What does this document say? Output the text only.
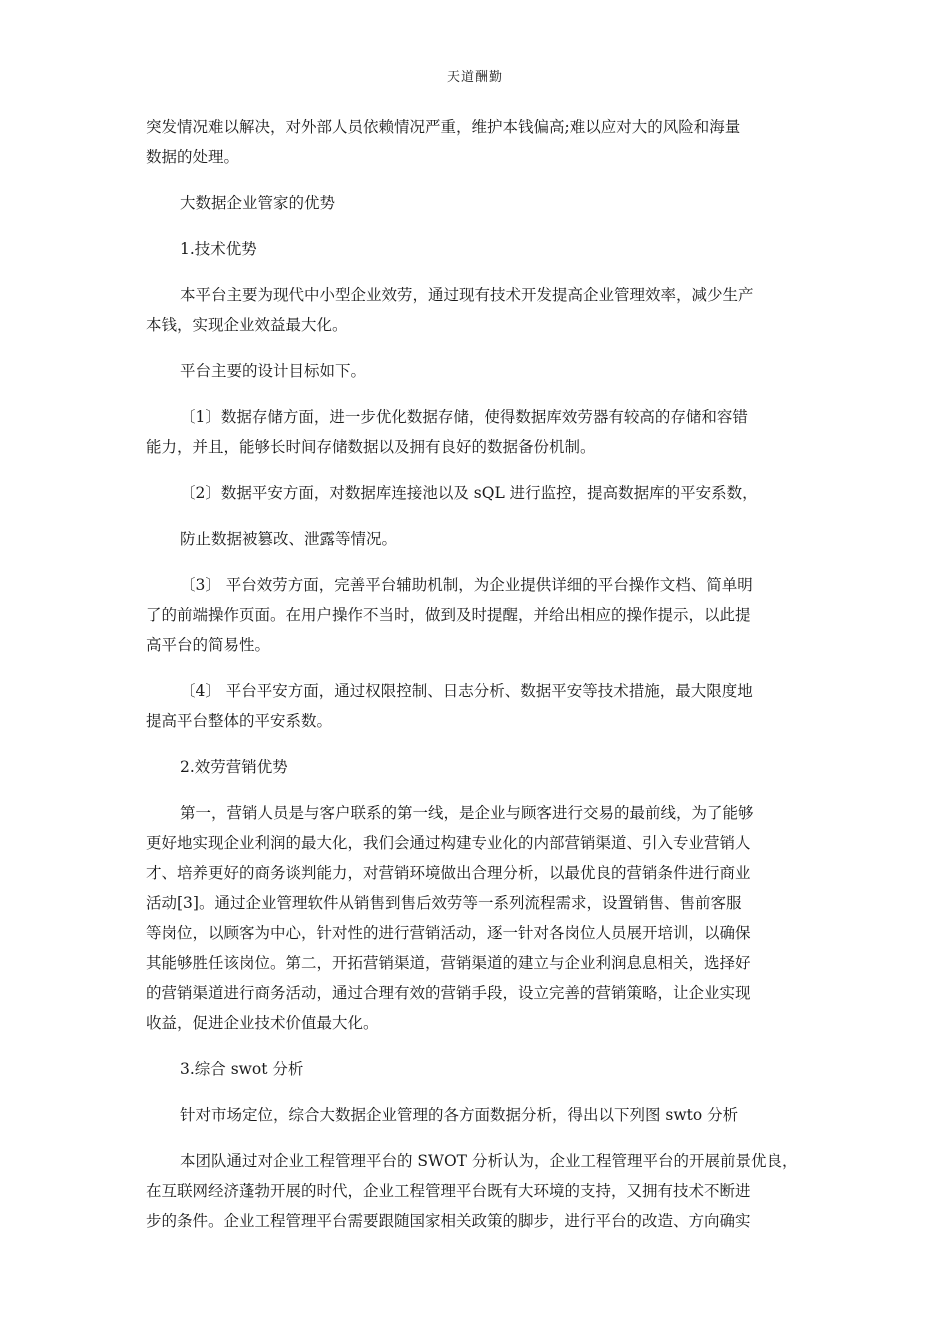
天道酬勤
突发情况难以解决，对外部人员依赖情况严重，维护本钱偏高;难以应对大的风险和海量
数据的处理。
大数据企业管家的优势
1.技术优势
本平台主要为现代中小型企业效劳，通过现有技术开发提高企业管理效率，减少生产
本钱，实现企业效益最大化。
平台主要的设计目标如下。
〔1〕数据存储方面，进一步优化数据存储，使得数据库效劳器有较高的存储和容错
能力，并且，能够长时间存储数据以及拥有良好的数据备份机制。
〔2〕数据平安方面，对数据库连接池以及 sQL 进行监控，提高数据库的平安系数，
防止数据被篡改、泄露等情况。
〔3〕 平台效劳方面，完善平台辅助机制，为企业提供详细的平台操作文档、简单明
了的前端操作页面。在用户操作不当时，做到及时提醒，并给出相应的操作提示，以此提
高平台的简易性。
〔4〕 平台平安方面，通过权限控制、日志分析、数据平安等技术措施，最大限度地
提高平台整体的平安系数。
2.效劳营销优势
第一，营销人员是与客户联系的第一线，是企业与顾客进行交易的最前线，为了能够
更好地实现企业利润的最大化，我们会通过构建专业化的内部营销渠道、引入专业营销人
才、培养更好的商务谈判能力，对营销环境做出合理分析，以最优良的营销条件进行商业
活动[3]。通过企业管理软件从销售到售后效劳等一系列流程需求，设置销售、售前客服
等岗位，以顾客为中心，针对性的进行营销活动，逐一针对各岗位人员展开培训，以确保
其能够胜任该岗位。第二，开拓营销渠道，营销渠道的建立与企业利润息息相关，选择好
的营销渠道进行商务活动，通过合理有效的营销手段，设立完善的营销策略，让企业实现
收益，促进企业技术价值最大化。
3.综合 swot 分析
针对市场定位，综合大数据企业管理的各方面数据分析，得出以下列图 swto 分析
本团队通过对企业工程管理平台的 SWOT 分析认为，企业工程管理平台的开展前景优良，
在互联网经济蓬勃开展的时代，企业工程管理平台既有大环境的支持，又拥有技术不断进
步的条件。企业工程管理平台需要跟随国家相关政策的脚步，进行平台的改造、方向确实
